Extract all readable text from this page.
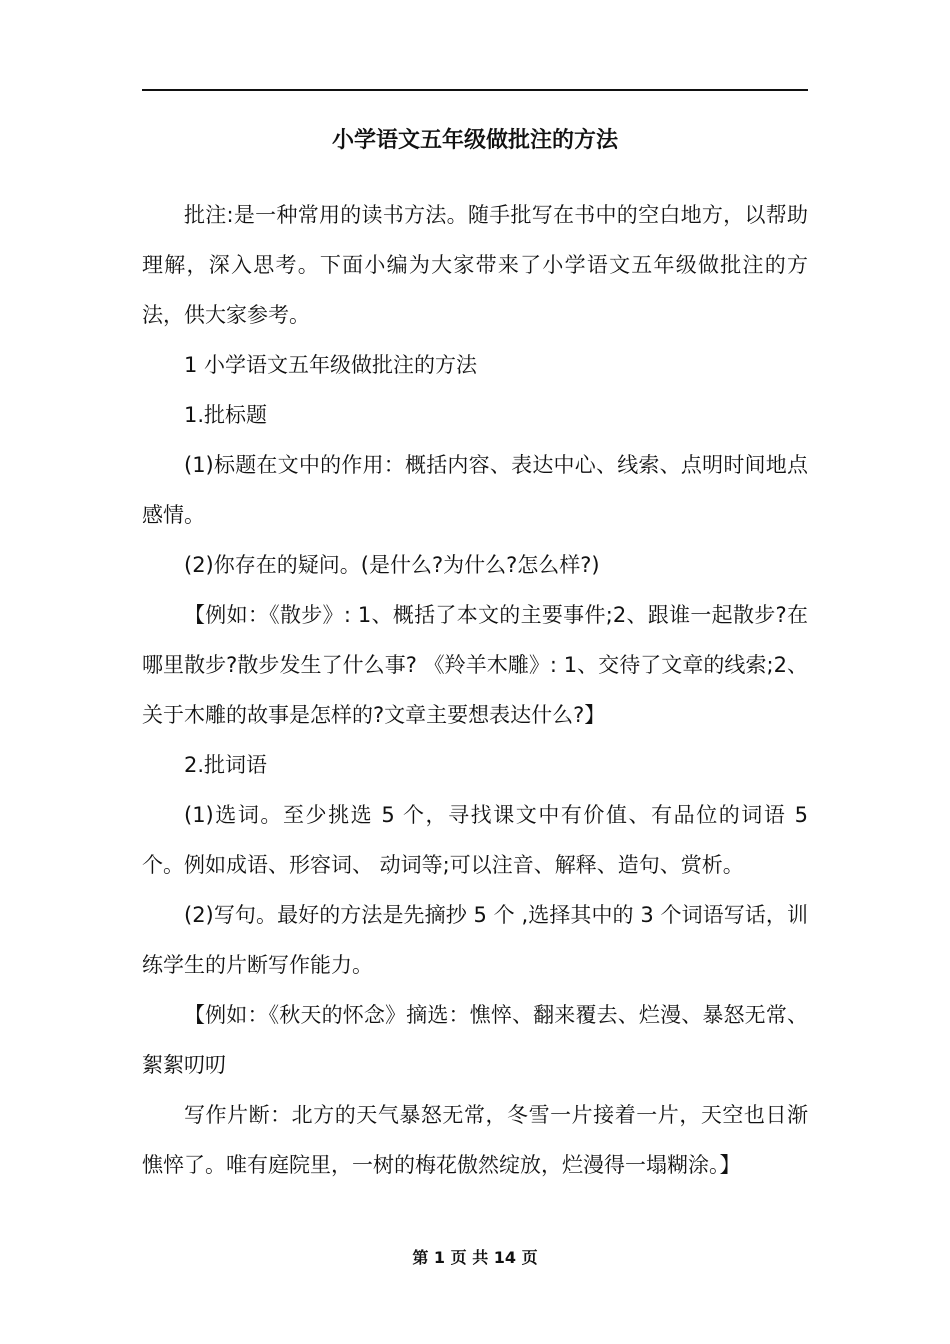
小学语文五年级做批注的方法

批注:是一种常用的读书方法。随手批写在书中的空白地方，以帮助理解，深入思考。下面小编为大家带来了小学语文五年级做批注的方法，供大家参考。

1 小学语文五年级做批注的方法

1.批标题

(1)标题在文中的作用：概括内容、表达中心、线索、点明时间地点感情。

(2)你存在的疑问。(是什么?为什么?怎么样?)

【例如：《散步》: 1、概括了本文的主要事件;2、跟谁一起散步?在哪里散步?散步发生了什么事? 《羚羊木雕》: 1、交待了文章的线索;2、关于木雕的故事是怎样的?文章主要想表达什么?】

2.批词语

(1)选词。至少挑选 5 个，寻找课文中有价值、有品位的词语 5 个。例如成语、形容词、 动词等;可以注音、解释、造句、赏析。

(2)写句。最好的方法是先摘抄 5 个 ,选择其中的 3 个词语写话，训练学生的片断写作能力。

【例如：《秋天的怀念》摘选：憔悴、翻来覆去、烂漫、暴怒无常、絮絮叨叨

写作片断：北方的天气暴怒无常，冬雪一片接着一片，天空也日渐憔悴了。唯有庭院里，一树的梅花傲然绽放，烂漫得一塌糊涂。】

第 1 页 共 14 页
